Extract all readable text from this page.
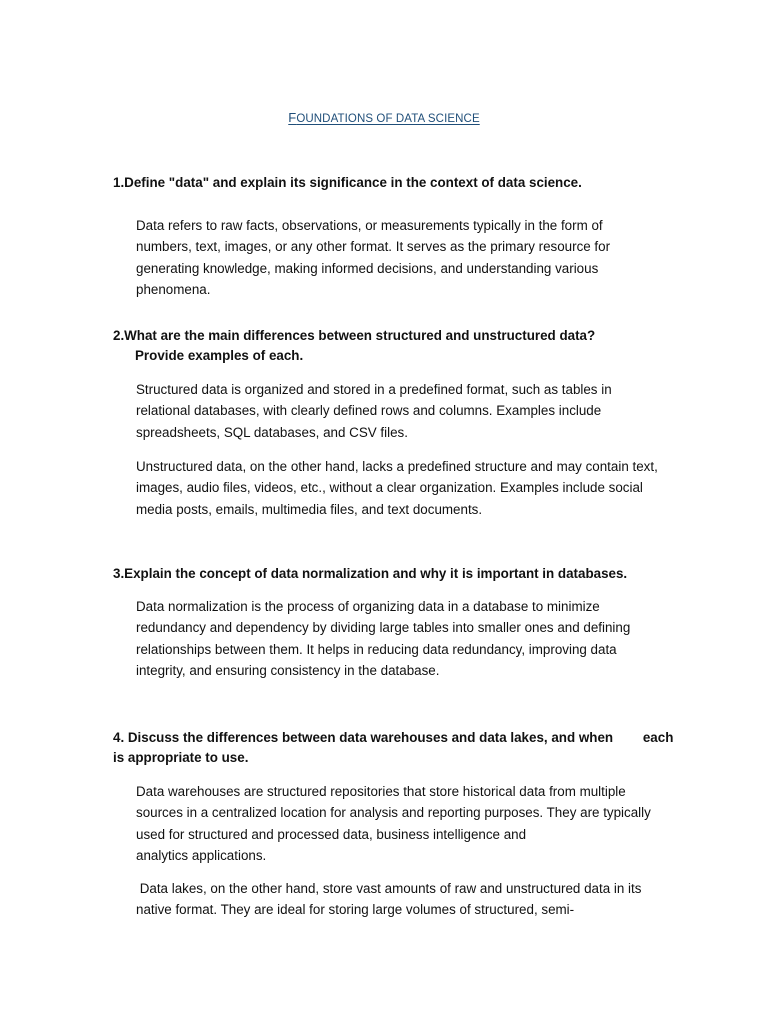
FOUNDATIONS OF DATA SCIENCE
1.Define "data" and explain its significance in the context of data science.
Data refers to raw facts, observations, or measurements typically in the form of
numbers, text, images, or any other format. It serves as the primary resource for
generating knowledge, making informed decisions, and understanding various
phenomena.
2.What are the main differences between structured and unstructured data?
Provide examples of each.
Structured data is organized and stored in a predefined format, such as tables in
relational databases, with clearly defined rows and columns. Examples include
spreadsheets, SQL databases, and CSV files.
Unstructured data, on the other hand, lacks a predefined structure and may contain text,
images, audio files, videos, etc., without a clear organization. Examples include social
media posts, emails, multimedia files, and text documents.
3.Explain the concept of data normalization and why it is important in databases.
Data normalization is the process of organizing data in a database to minimize
redundancy and dependency by dividing large tables into smaller ones and defining
relationships between them. It helps in reducing data redundancy, improving data
integrity, and ensuring consistency in the database.
4. Discuss the differences between data warehouses and data lakes, and when        each
is appropriate to use.
Data warehouses are structured repositories that store historical data from multiple
sources in a centralized location for analysis and reporting purposes. They are typically
used for structured and processed data, business intelligence and
analytics applications.
Data lakes, on the other hand, store vast amounts of raw and unstructured data in its
native format. They are ideal for storing large volumes of structured, semi-
